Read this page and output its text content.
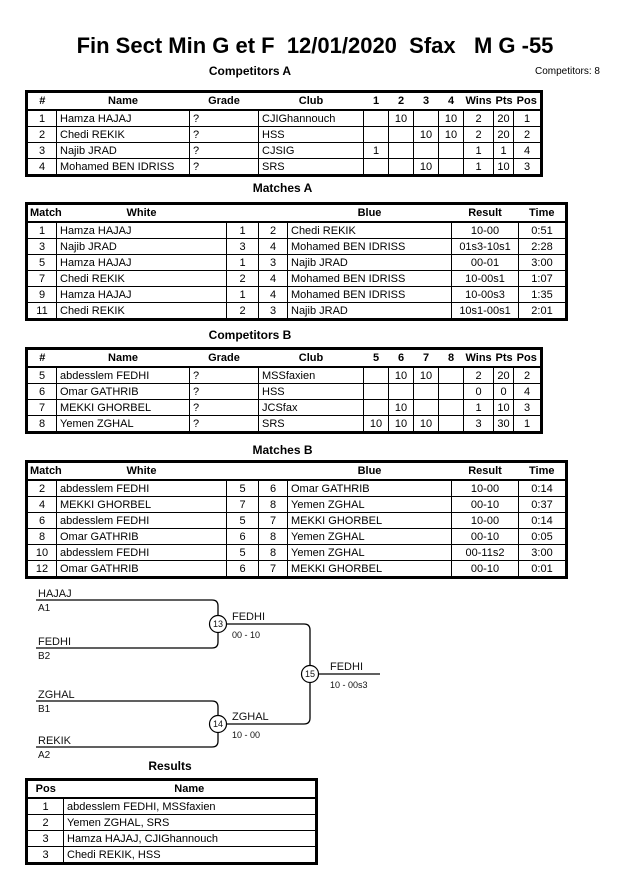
Fin Sect Min G et F  12/01/2020  Sfax   M G -55

Competitors A	Competitors: 8
#	Name	Grade	Club	1	2	3	4	Wins	Pts	Pos
1	Hamza HAJAJ	?	CJIGhannouch		10		10	2	20	1
2	Chedi REKIK	?	HSS			10	10	2	20	2
3	Najib JRAD	?	CJSIG	1				1	1	4
4	Mohamed BEN IDRISS	?	SRS			10		1	10	3

Matches A

Match	White			Blue	Result	Time
1	Hamza HAJAJ	1	2	Chedi REKIK	10-00	0:51
3	Najib JRAD	3	4	Mohamed BEN IDRISS	01s3-10s1	2:28
5	Hamza HAJAJ	1	3	Najib JRAD	00-01	3:00
7	Chedi REKIK	2	4	Mohamed BEN IDRISS	10-00s1	1:07
9	Hamza HAJAJ	1	4	Mohamed BEN IDRISS	10-00s3	1:35
11	Chedi REKIK	2	3	Najib JRAD	10s1-00s1	2:01

Competitors B

#	Name	Grade	Club	5	6	7	8	Wins	Pts	Pos
5	abdesslem FEDHI	?	MSSfaxien		10	10		2	20	2
6	Omar GATHRIB	?	HSS					0	0	4
7	MEKKI GHORBEL	?	JCSfax		10			1	10	3
8	Yemen ZGHAL	?	SRS	10	10	10		3	30	1

Matches B

Match	White			Blue	Result	Time
2	abdesslem FEDHI	5	6	Omar GATHRIB	10-00	0:14
4	MEKKI GHORBEL	7	8	Yemen ZGHAL	00-10	0:37
6	abdesslem FEDHI	5	7	MEKKI GHORBEL	10-00	0:14
8	Omar GATHRIB	6	8	Yemen ZGHAL	00-10	0:05
10	abdesslem FEDHI	5	8	Yemen ZGHAL	00-11s2	3:00
12	Omar GATHRIB	6	7	MEKKI GHORBEL	00-10	0:01
HAJAJ
A1
FEDHI
B2
ZGHAL
B1
REKIK
A2
13
14
15
FEDHI
00 - 10
ZGHAL
10 - 00
FEDHI
10 - 00s3

Results

Pos	Name
1	abdesslem FEDHI, MSSfaxien
2	Yemen ZGHAL, SRS
3	Hamza HAJAJ, CJIGhannouch
3	Chedi REKIK, HSS
